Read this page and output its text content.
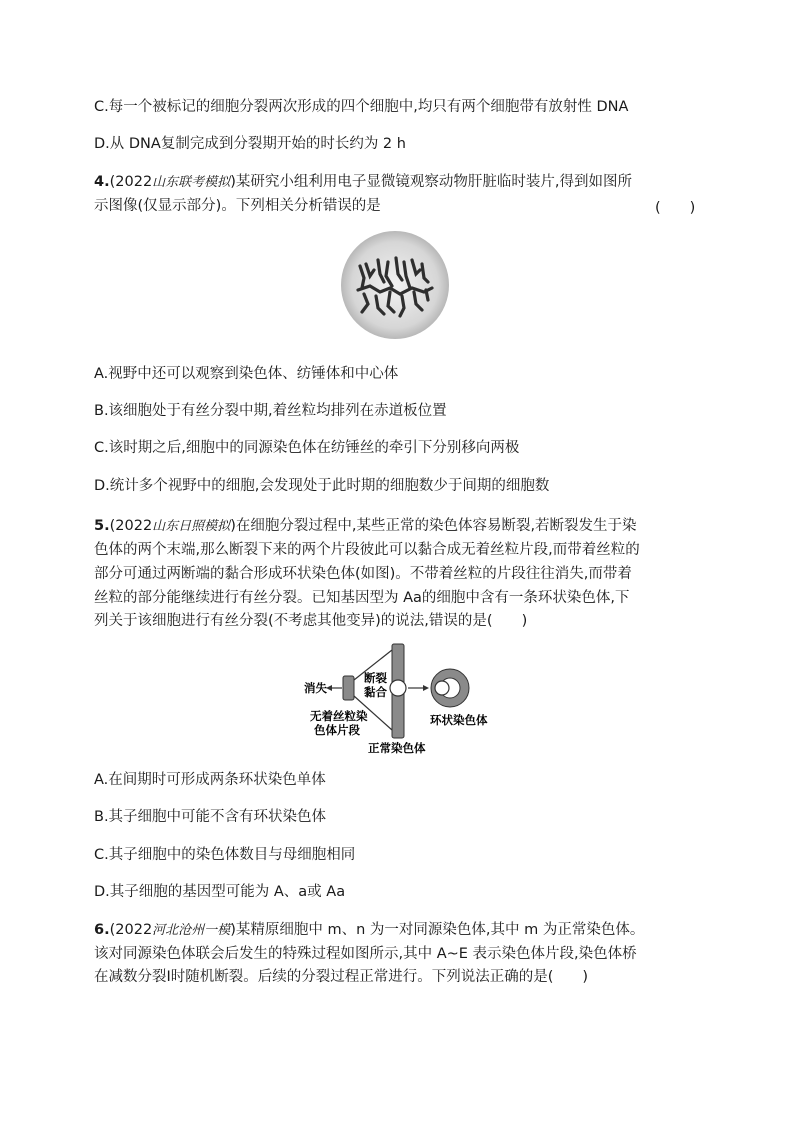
C.每一个被标记的细胞分裂两次形成的四个细胞中,均只有两个细胞带有放射性 DNA
D.从 DNA复制完成到分裂期开始的时长约为 2 h
4.(2022山东联考模拟)某研究小组利用电子显微镜观察动物肝脏临时装片,得到如图所
示图像(仅显示部分)。下列相关分析错误的是	(　　)
A.视野中还可以观察到染色体、纺锤体和中心体
B.该细胞处于有丝分裂中期,着丝粒均排列在赤道板位置
C.该时期之后,细胞中的同源染色体在纺锤丝的牵引下分别移向两极
D.统计多个视野中的细胞,会发现处于此时期的细胞数少于间期的细胞数
5.(2022山东日照模拟)在细胞分裂过程中,某些正常的染色体容易断裂,若断裂发生于染
色体的两个末端,那么断裂下来的两个片段彼此可以黏合成无着丝粒片段,而带着丝粒的
部分可通过两断端的黏合形成环状染色体(如图)。不带着丝粒的片段往往消失,而带着
丝粒的部分能继续进行有丝分裂。已知基因型为 Aa的细胞中含有一条环状染色体,下
列关于该细胞进行有丝分裂(不考虑其他变异)的说法,错误的是(　　)
消失
断裂
黏合
无着丝粒染
色体片段
环状染色体
正常染色体
A.在间期时可形成两条环状染色单体
B.其子细胞中可能不含有环状染色体
C.其子细胞中的染色体数目与母细胞相同
D.其子细胞的基因型可能为 A、a或 Aa
6.(2022河北沧州一模)某精原细胞中 m、n 为一对同源染色体,其中 m 为正常染色体。
该对同源染色体联会后发生的特殊过程如图所示,其中 A~E 表示染色体片段,染色体桥
在减数分裂Ⅰ时随机断裂。后续的分裂过程正常进行。下列说法正确的是(　　)
